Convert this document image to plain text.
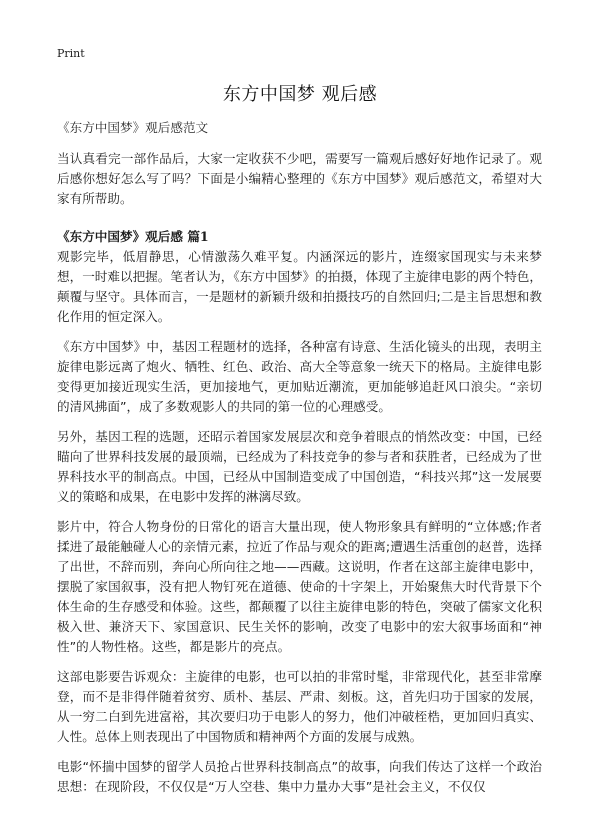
Print

东方中国梦 观后感

《东方中国梦》观后感范文

当认真看完一部作品后，大家一定收获不少吧，需要写一篇观后感好好地作记录了。观后感你想好怎么写了吗？下面是小编精心整理的《东方中国梦》观后感范文，希望对大家有所帮助。

《东方中国梦》观后感 篇1

观影完毕，低眉静思，心情激荡久难平复。内涵深远的影片，连缀家国现实与未来梦想，一时难以把握。笔者认为，《东方中国梦》的拍摄，体现了主旋律电影的两个特色，颠覆与坚守。具体而言，一是题材的新颖升级和拍摄技巧的自然回归;二是主旨思想和教化作用的恒定深入。

《东方中国梦》中，基因工程题材的选择，各种富有诗意、生活化镜头的出现，表明主旋律电影远离了炮火、牺牲、红色、政治、高大全等意象一统天下的格局。主旋律电影变得更加接近现实生活，更加接地气，更加贴近潮流，更加能够追赶风口浪尖。“亲切的清风拂面”，成了多数观影人的共同的第一位的心理感受。

另外，基因工程的选题，还昭示着国家发展层次和竞争着眼点的悄然改变：中国，已经瞄向了世界科技发展的最顶端，已经成为了科技竞争的参与者和获胜者，已经成为了世界科技水平的制高点。中国，已经从中国制造变成了中国创造，“科技兴邦”这一发展要义的策略和成果，在电影中发挥的淋漓尽致。

影片中，符合人物身份的日常化的语言大量出现，使人物形象具有鲜明的“立体感;作者揉进了最能触碰人心的亲情元素，拉近了作品与观众的距离;遭遇生活重创的赵普，选择了出世，不辞而别，奔向心所向往之地——西藏。这说明，作者在这部主旋律电影中，摆脱了家国叙事，没有把人物钉死在道德、使命的十字架上，开始聚焦大时代背景下个体生命的生存感受和体验。这些，都颠覆了以往主旋律电影的特色，突破了儒家文化积极入世、兼济天下、家国意识、民生关怀的影响，改变了电影中的宏大叙事场面和“神性”的人物性格。这些，都是影片的亮点。

这部电影要告诉观众：主旋律的电影，也可以拍的非常时髦，非常现代化，甚至非常摩登，而不是非得伴随着贫穷、质朴、基层、严肃、刻板。这，首先归功于国家的发展，从一穷二白到先进富裕，其次要归功于电影人的努力，他们冲破桎梏，更加回归真实、人性。总体上则表现出了中国物质和精神两个方面的发展与成熟。

电影“怀揣中国梦的留学人员抢占世界科技制高点”的故事，向我们传达了这样一个政治思想：在现阶段，不仅仅是“万人空巷、集中力量办大事”是社会主义，不仅仅
